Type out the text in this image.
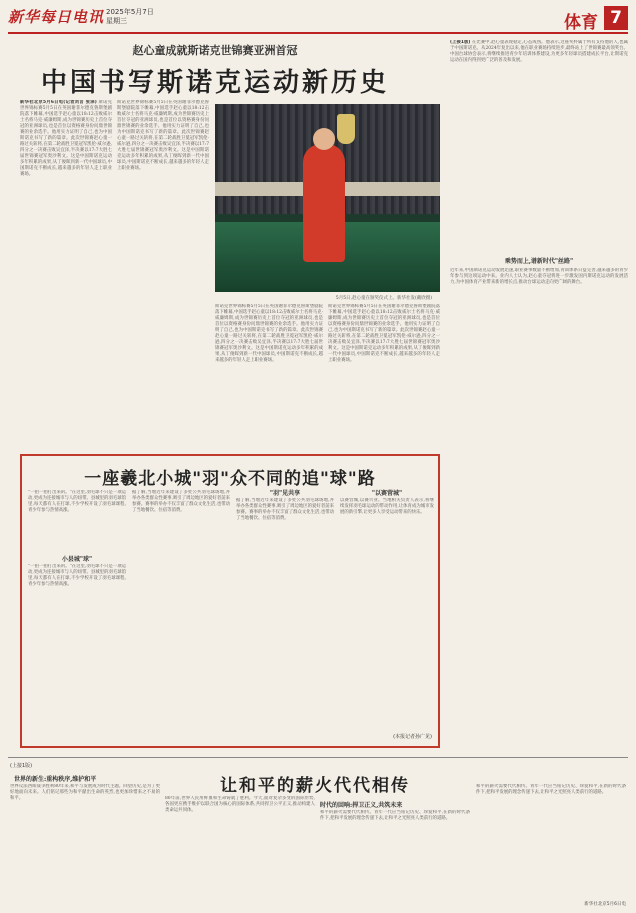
新华每日电讯 2025年5月7日
星期三	体育 7
赵心童成就斯诺克世锦赛亚洲首冠
中国书写斯诺克运动新历史
新华社北京5月6日电(记者刘言 张泽) 斯诺克世界锦标赛5月5日在英国谢菲尔德克鲁斯堡剧院落下帷幕,中国选手赵心童以18:12击败威尔士名将马克·威廉姆斯,成为世锦赛历史上首位夺冠的亚洲球员,也是首位以资格赛身份问鼎世锦赛的业余选手。他用实力证明了自己,也为中国斯诺克书写了新的篇章。此次世锦赛赵心童一路过关斩将,在第二轮战胜卫冕冠军凯伦·威尔逊,四分之一决赛击败吴宜泽,半决赛以17:7大胜七届世锦赛冠军奥沙利文。这是中国斯诺克运动多年积累的成果,从丁俊晖到新一代中国球员,中国斯诺克不断成长,越来越多的年轻人走上职业赛场。
斯诺克世界锦标赛5月5日在英国谢菲尔德克鲁斯堡剧院落下帷幕,中国选手赵心童以18:12击败威尔士名将马克·威廉姆斯,成为世锦赛历史上首位夺冠的亚洲球员,也是首位以资格赛身份问鼎世锦赛的业余选手。他用实力证明了自己,也为中国斯诺克书写了新的篇章。此次世锦赛赵心童一路过关斩将,在第二轮战胜卫冕冠军凯伦·威尔逊,四分之一决赛击败吴宜泽,半决赛以17:7大胜七届世锦赛冠军奥沙利文。这是中国斯诺克运动多年积累的成果,从丁俊晖到新一代中国球员,中国斯诺克不断成长,越来越多的年轻人走上职业赛场。
5月5日,赵心童在颁奖仪式上。新华社发(戴欣摄)
斯诺克世界锦标赛5月5日在英国谢菲尔德克鲁斯堡剧院落下帷幕,中国选手赵心童以18:12击败威尔士名将马克·威廉姆斯,成为世锦赛历史上首位夺冠的亚洲球员,也是首位以资格赛身份问鼎世锦赛的业余选手。他用实力证明了自己,也为中国斯诺克书写了新的篇章。此次世锦赛赵心童一路过关斩将,在第二轮战胜卫冕冠军凯伦·威尔逊,四分之一决赛击败吴宜泽,半决赛以17:7大胜七届世锦赛冠军奥沙利文。这是中国斯诺克运动多年积累的成果,从丁俊晖到新一代中国球员,中国斯诺克不断成长,越来越多的年轻人走上职业赛场。
斯诺克世界锦标赛5月5日在英国谢菲尔德克鲁斯堡剧院落下帷幕,中国选手赵心童以18:12击败威尔士名将马克·威廉姆斯,成为世锦赛历史上首位夺冠的亚洲球员,也是首位以资格赛身份问鼎世锦赛的业余选手。他用实力证明了自己,也为中国斯诺克书写了新的篇章。此次世锦赛赵心童一路过关斩将,在第二轮战胜卫冕冠军凯伦·威尔逊,四分之一决赛击败吴宜泽,半决赛以17:7大胜七届世锦赛冠军奥沙利文。这是中国斯诺克运动多年积累的成果,从丁俊晖到新一代中国球员,中国斯诺克不断成长,越来越多的年轻人走上职业赛场。
(上接1版) 在比赛中,赵心童表现稳定,心态成熟。他表示,这座奖杯属于所有支持他的人,也属于中国斯诺克。从2024年复出以来,他在职业赛场持续进步,最终站上了世锦赛最高领奖台。中国台球协会表示,将继续推进青少年培训体系建设,为更多年轻球员搭建成长平台,让斯诺克运动在国内得到更广泛的普及和发展。
乘势而上,谱新时代"丝路"
近年来,中国斯诺克运动发展迅速,职业赛事数量不断增加,青训体系日益完善,越来越多的青少年参与到这项运动中来。业内人士认为,赵心童夺冠将进一步激发国内斯诺克运动的发展活力,为中国体育产业带来新的增长点,推动台球运动走向更广阔的舞台。
一座羲北小城"羽"众不同的追"球"路
"一拍一拍打出来的。"在这里,羽毛球不只是一项运动,更成为连接城市与人的纽带。县城里的羽毛球馆里,每天都有人在打球,不少学校开设了羽毛球课程,青少年参与热情高涨。
小县城"球"
"一拍一拍打出来的。"在这里,羽毛球不只是一项运动,更成为连接城市与人的纽带。县城里的羽毛球馆里,每天都有人在打球,不少学校开设了羽毛球课程,青少年参与热情高涨。
据了解,当地近年来建设了多处公共羽毛球场地,并举办各类群众性赛事,吸引了周边地区的爱好者前来参赛。赛事的举办不仅丰富了群众文化生活,也带动了当地餐饮、住宿等消费。
"羽"见共享
据了解,当地近年来建设了多处公共羽毛球场地,并举办各类群众性赛事,吸引了周边地区的爱好者前来参赛。赛事的举办不仅丰富了群众文化生活,也带动了当地餐饮、住宿等消费。
"以赛营城"
以赛营城,以赛兴业。当地相关负责人表示,将继续发挥羽毛球运动的带动作用,让体育成为城市发展的新引擎,让更多人享受运动带来的快乐。
(本报记者孙广见)
(上接1版)
让和平的薪火代代相传
世界的新生:重构秩序,维护和平
世界反法西斯战争胜利80年来,和平与发展成为时代主题。回望历史,是为了更好地面向未来。人们铭记那些为和平献出生命的英烈,也更加珍惜来之不易的和平。	80年前,世界人民用鲜血和生命铸就了胜利。今天,面对复杂多变的国际形势,各国更应携手维护以联合国为核心的国际体系,共同捍卫公平正义,推动构建人类命运共同体。
时代的回响:捍卫正义,共筑未来
和平的薪火需要代代相传。青年一代应当铭记历史、珍爱和平,在新的时代条件下,把和平发展的理念传递下去,让和平之光照亮人类前行的道路。
和平的薪火需要代代相传。青年一代应当铭记历史、珍爱和平,在新的时代条件下,把和平发展的理念传递下去,让和平之光照亮人类前行的道路。
新华社北京5月6日电
